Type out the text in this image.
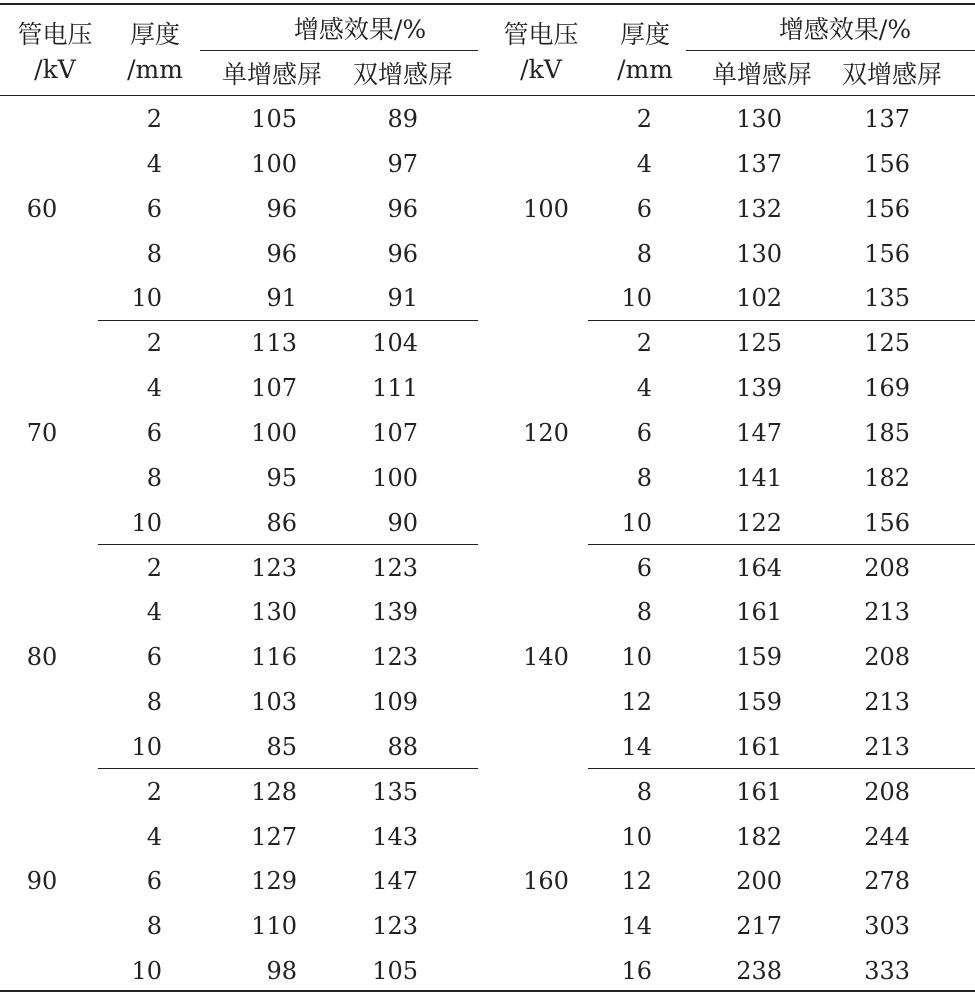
管电压
/kV
厚度
/mm
增感效果/%
单增感屏 双增感屏
管电压
/kV
厚度
/mm
增感效果/%
单增感屏 双增感屏
60
2	105	89
4	100	97
6	96	96
8	96	96
10	91	91
70
2	113	104
4	107	111
6	100	107
8	95	100
10	86	90
80
2	123	123
4	130	139
6	116	123
8	103	109
10	85	88
90
2	128	135
4	127	143
6	129	147
8	110	123
10	98	105
100
2	130	137
4	137	156
6	132	156
8	130	156
10	102	135
120
2	125	125
4	139	169
6	147	185
8	141	182
10	122	156
140
6	164	208
8	161	213
10	159	208
12	159	213
14	161	213
160
8	161	208
10	182	244
12	200	278
14	217	303
16	238	333
